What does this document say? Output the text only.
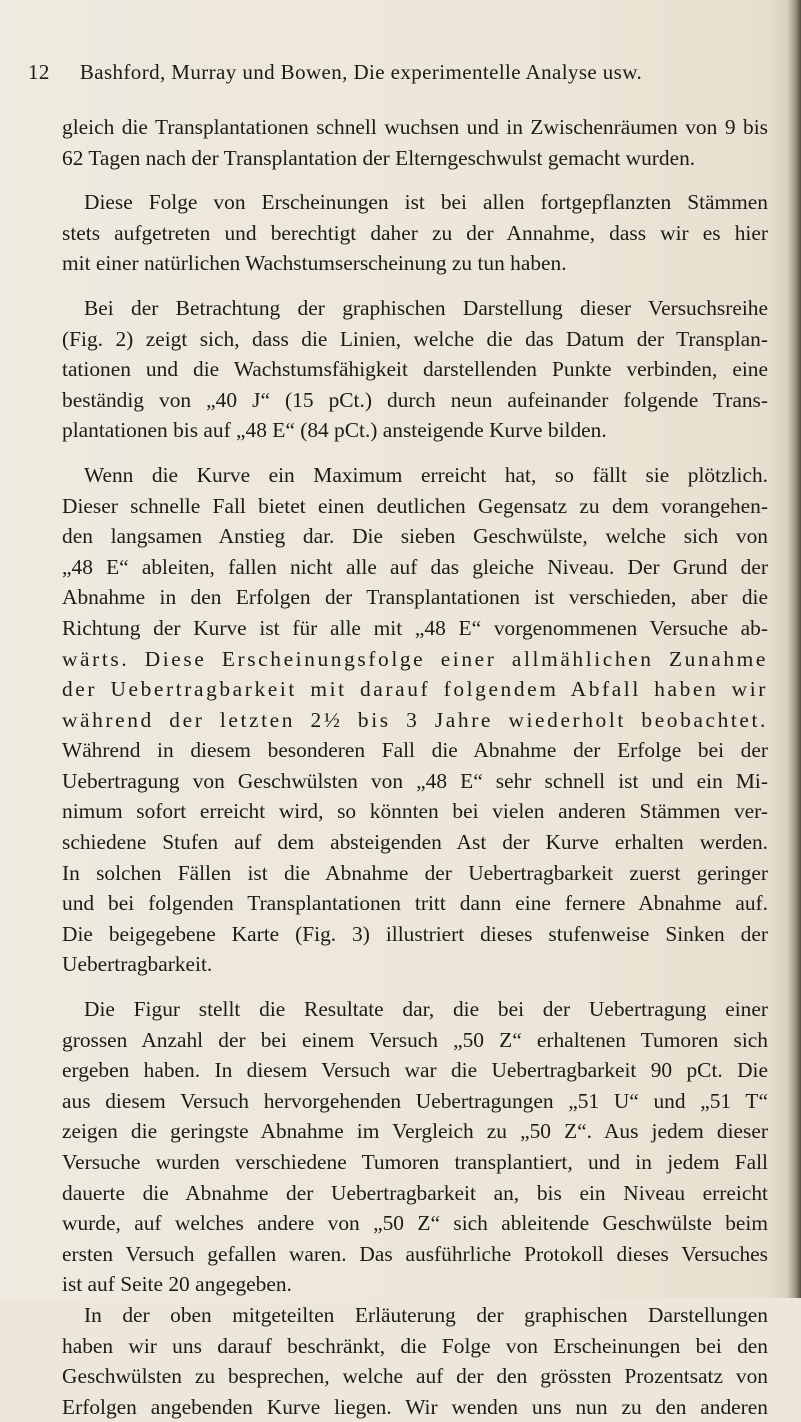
12 Bashford, Murray und Bowen, Die experimentelle Analyse usw.
gleich die Transplantationen schnell wuchsen und in Zwischenräumen von 9 bis
62 Tagen nach der Transplantation der Elterngeschwulst gemacht wurden.
Diese Folge von Erscheinungen ist bei allen fortgepflanzten Stämmen
stets aufgetreten und berechtigt daher zu der Annahme, dass wir es hier
mit einer natürlichen Wachstumserscheinung zu tun haben.
Bei der Betrachtung der graphischen Darstellung dieser Versuchsreihe
(Fig. 2) zeigt sich, dass die Linien, welche die das Datum der Transplan-
tationen und die Wachstumsfähigkeit darstellenden Punkte verbinden, eine
beständig von „40 J“ (15 pCt.) durch neun aufeinander folgende Trans-
plantationen bis auf „48 E“ (84 pCt.) ansteigende Kurve bilden.
Wenn die Kurve ein Maximum erreicht hat, so fällt sie plötzlich.
Dieser schnelle Fall bietet einen deutlichen Gegensatz zu dem vorangehen-
den langsamen Anstieg dar. Die sieben Geschwülste, welche sich von
„48 E“ ableiten, fallen nicht alle auf das gleiche Niveau. Der Grund der
Abnahme in den Erfolgen der Transplantationen ist verschieden, aber die
Richtung der Kurve ist für alle mit „48 E“ vorgenommenen Versuche ab-
wärts. Diese Erscheinungsfolge einer allmählichen Zunahme
der Uebertragbarkeit mit darauf folgendem Abfall haben wir
während der letzten 2½ bis 3 Jahre wiederholt beobachtet.
Während in diesem besonderen Fall die Abnahme der Erfolge bei der
Uebertragung von Geschwülsten von „48 E“ sehr schnell ist und ein Mi-
nimum sofort erreicht wird, so könnten bei vielen anderen Stämmen ver-
schiedene Stufen auf dem absteigenden Ast der Kurve erhalten werden.
In solchen Fällen ist die Abnahme der Uebertragbarkeit zuerst geringer
und bei folgenden Transplantationen tritt dann eine fernere Abnahme auf.
Die beigegebene Karte (Fig. 3) illustriert dieses stufenweise Sinken der
Uebertragbarkeit.
Die Figur stellt die Resultate dar, die bei der Uebertragung einer
grossen Anzahl der bei einem Versuch „50 Z“ erhaltenen Tumoren sich
ergeben haben. In diesem Versuch war die Uebertragbarkeit 90 pCt. Die
aus diesem Versuch hervorgehenden Uebertragungen „51 U“ und „51 T“
zeigen die geringste Abnahme im Vergleich zu „50 Z“. Aus jedem dieser
Versuche wurden verschiedene Tumoren transplantiert, und in jedem Fall
dauerte die Abnahme der Uebertragbarkeit an, bis ein Niveau erreicht
wurde, auf welches andere von „50 Z“ sich ableitende Geschwülste beim
ersten Versuch gefallen waren. Das ausführliche Protokoll dieses Versuches
ist auf Seite 20 angegeben.
In der oben mitgeteilten Erläuterung der graphischen Darstellungen
haben wir uns darauf beschränkt, die Folge von Erscheinungen bei den
Geschwülsten zu besprechen, welche auf der den grössten Prozentsatz von
Erfolgen angebenden Kurve liegen. Wir wenden uns nun zu den anderen
